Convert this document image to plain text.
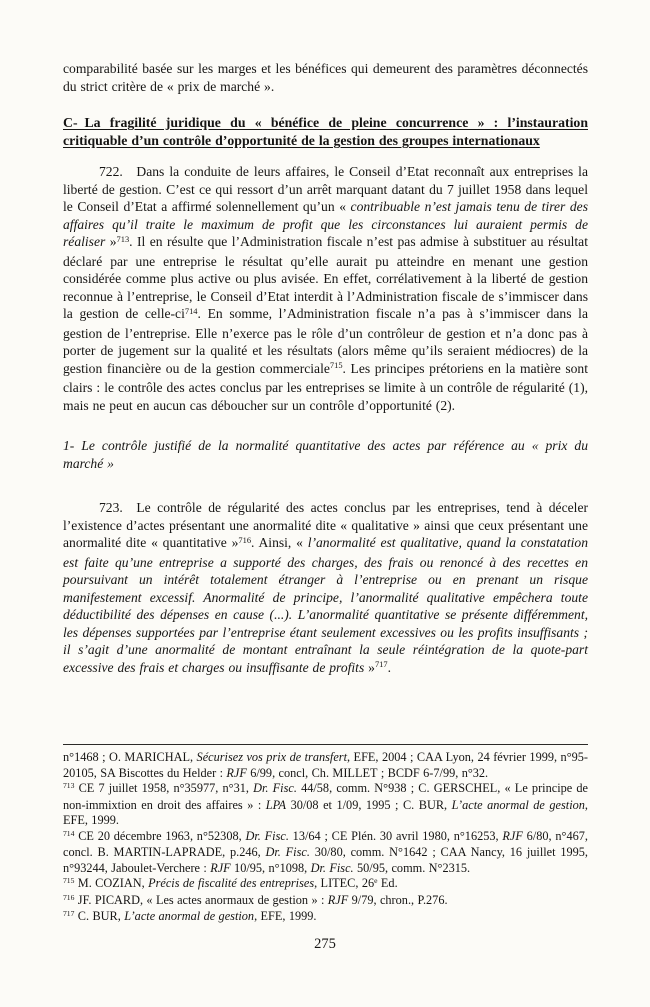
comparabilité basée sur les marges et les bénéfices qui demeurent des paramètres déconnectés du strict critère de « prix de marché ».

C- La fragilité juridique du « bénéfice de pleine concurrence » : l’instauration critiquable d’un contrôle d’opportunité de la gestion des groupes internationaux

722. Dans la conduite de leurs affaires, le Conseil d’Etat reconnaît aux entreprises la liberté de gestion. C’est ce qui ressort d’un arrêt marquant datant du 7 juillet 1958 dans lequel le Conseil d’Etat a affirmé solennellement qu’un « contribuable n’est jamais tenu de tirer des affaires qu’il traite le maximum de profit que les circonstances lui auraient permis de réaliser »$^{713}$. Il en résulte que l’Administration fiscale n’est pas admise à substituer au résultat déclaré par une entreprise le résultat qu’elle aurait pu atteindre en menant une gestion considérée comme plus active ou plus avisée. En effet, corrélativement à la liberté de gestion reconnue à l’entreprise, le Conseil d’Etat interdit à l’Administration fiscale de s’immiscer dans la gestion de celle-$ci^{714}$. En somme, l’Administration fiscale n’a pas à s’immiscer dans la gestion de l’entreprise. Elle n’exerce pas le rôle d’un contrôleur de gestion et n’a donc pas à porter de jugement sur la qualité et les résultats (alors même qu’ils seraient médiocres) de la gestion financière ou de la gestion commerciale$^{715}$. Les principes prétoriens en la matière sont clairs : le contrôle des actes conclus par les entreprises se limite à un contrôle de régularité (1), mais ne peut en aucun cas déboucher sur un contrôle d’opportunité (2).

1- Le contrôle justifié de la normalité quantitative des actes par référence au « prix du marché »

723. Le contrôle de régularité des actes conclus par les entreprises, tend à déceler l’existence d’actes présentant une anormalité dite « qualitative » ainsi que ceux présentant une anormalité dite « quantitative »$^{716}$. Ainsi, « l’anormalité est qualitative, quand la constatation est faite qu’une entreprise a supporté des charges, des frais ou renoncé à des recettes en poursuivant un intérêt totalement étranger à l’entreprise ou en prenant un risque manifestement excessif. Anormalité de principe, l’anormalité qualitative empêchera toute déductibilité des dépenses en cause (...). L’anormalité quantitative se présente différemment, les dépenses supportées par l’entreprise étant seulement excessives ou les profits insuffisants ; il s’agit d’une anormalité de montant entraînant la seule réintégration de la quote-part excessive des frais et charges ou insuffisante de profits »$^{717}$.

n°1468 ; O. MARICHAL, Sécurisez vos prix de transfert, EFE, 2004 ; CAA Lyon, 24 février 1999, n°95-20105, SA Biscottes du Helder : RJF 6/99, concl, Ch. MILLET ; BCDF 6-7/99, n°32.

$^{713}$ CE 7 juillet 1958, n°35977, n°31, Dr. Fisc. 44/58, comm. N°938 ; C. GERSCHEL, « Le principe de non-immixtion en droit des affaires » : LPA 30/08 et 1/09, 1995 ; C. BUR, L’acte anormal de gestion, EFE, 1999.

$^{714}$ CE 20 décembre 1963, n°52308, Dr. Fisc. 13/64 ; CE Plén. 30 avril 1980, n°16253, RJF 6/80, n°467, concl. B. MARTIN-LAPRADE, p.246, Dr. Fisc. 30/80, comm. N°1642 ; CAA Nancy, 16 juillet 1995, n°93244, Jaboulet-Verchere : RJF 10/95, n°1098, Dr. Fisc. 50/95, comm. N°2315.

$^{715}$ M. COZIAN, Précis de fiscalité des entreprises, LITEC, 26e Ed.

$^{716}$ JF. PICARD, « Les actes anormaux de gestion » : RJF 9/79, chron., P.276.

$^{717}$ C. BUR, L’acte anormal de gestion, EFE, 1999.

275
